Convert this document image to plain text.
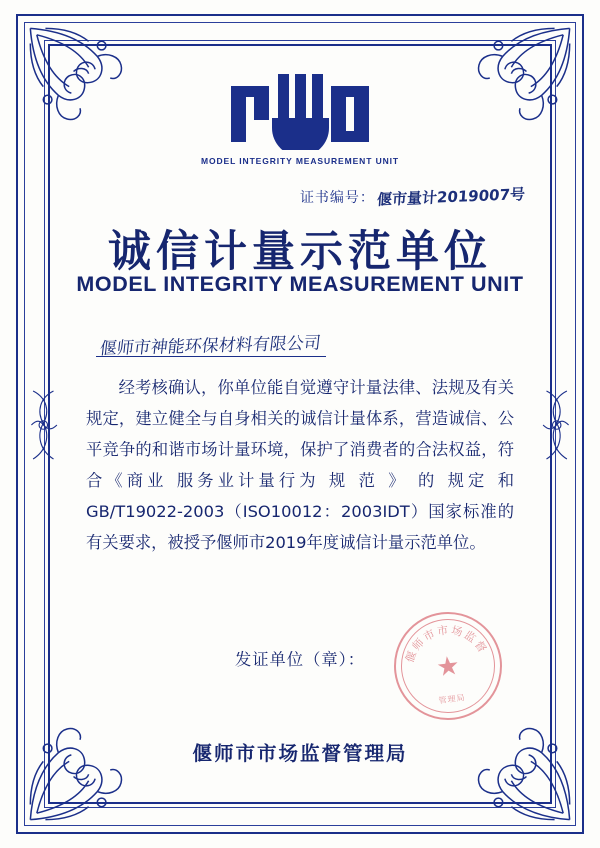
MODEL INTEGRITY MEASUREMENT UNIT
证书编号： 偃市量计2019007号
诚信计量示范单位
MODEL INTEGRITY MEASUREMENT UNIT
偃师市神能环保材料有限公司

经考核确认，你单位能自觉遵守计量法律、法规及有关规定，建立健全与自身相关的诚信计量体系，营造诚信、公平竞争的和谐市场计量环境，保护了消费者的合法权益，符合《商业 服务业计量行为 规 范 》 的 规定 和 GB/T19022-2003（ISO10012：2003IDT）国家标准的有关要求，被授予偃师市2019年度诚信计量示范单位。

发证单位（章）：	偃师市市场监督
★
管理局
偃师市市场监督管理局
